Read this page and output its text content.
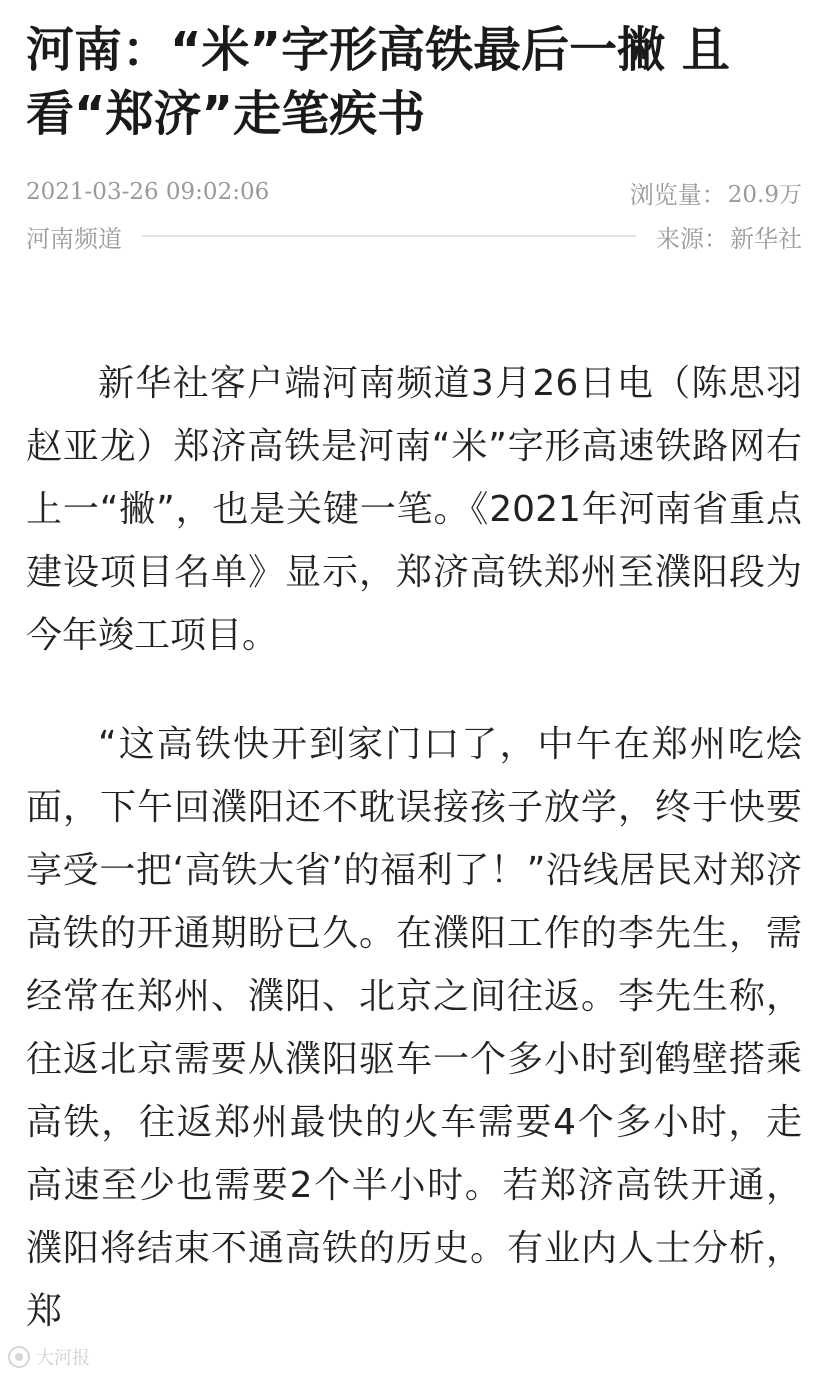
河南：“米”字形高铁最后一撇 且看“郑济”走笔疾书
2021-03-26 09:02:06	浏览量： 20.9万
河南频道	来源： 新华社

新华社客户端河南频道3月26日电（陈思羽 赵亚龙）郑济高铁是河南“米”字形高速铁路网右上一“撇”，也是关键一笔。《2021年河南省重点建设项目名单》显示，郑济高铁郑州至濮阳段为今年竣工项目。

“这高铁快开到家门口了，中午在郑州吃烩面，下午回濮阳还不耽误接孩子放学，终于快要享受一把‘高铁大省’的福利了！”沿线居民对郑济高铁的开通期盼已久。在濮阳工作的李先生，需经常在郑州、濮阳、北京之间往返。李先生称，往返北京需要从濮阳驱车一个多小时到鹤壁搭乘高铁，往返郑州最快的火车需要4个多小时，走高速至少也需要2个半小时。若郑济高铁开通，濮阳将结束不通高铁的历史。有业内人士分析，郑

大河报
